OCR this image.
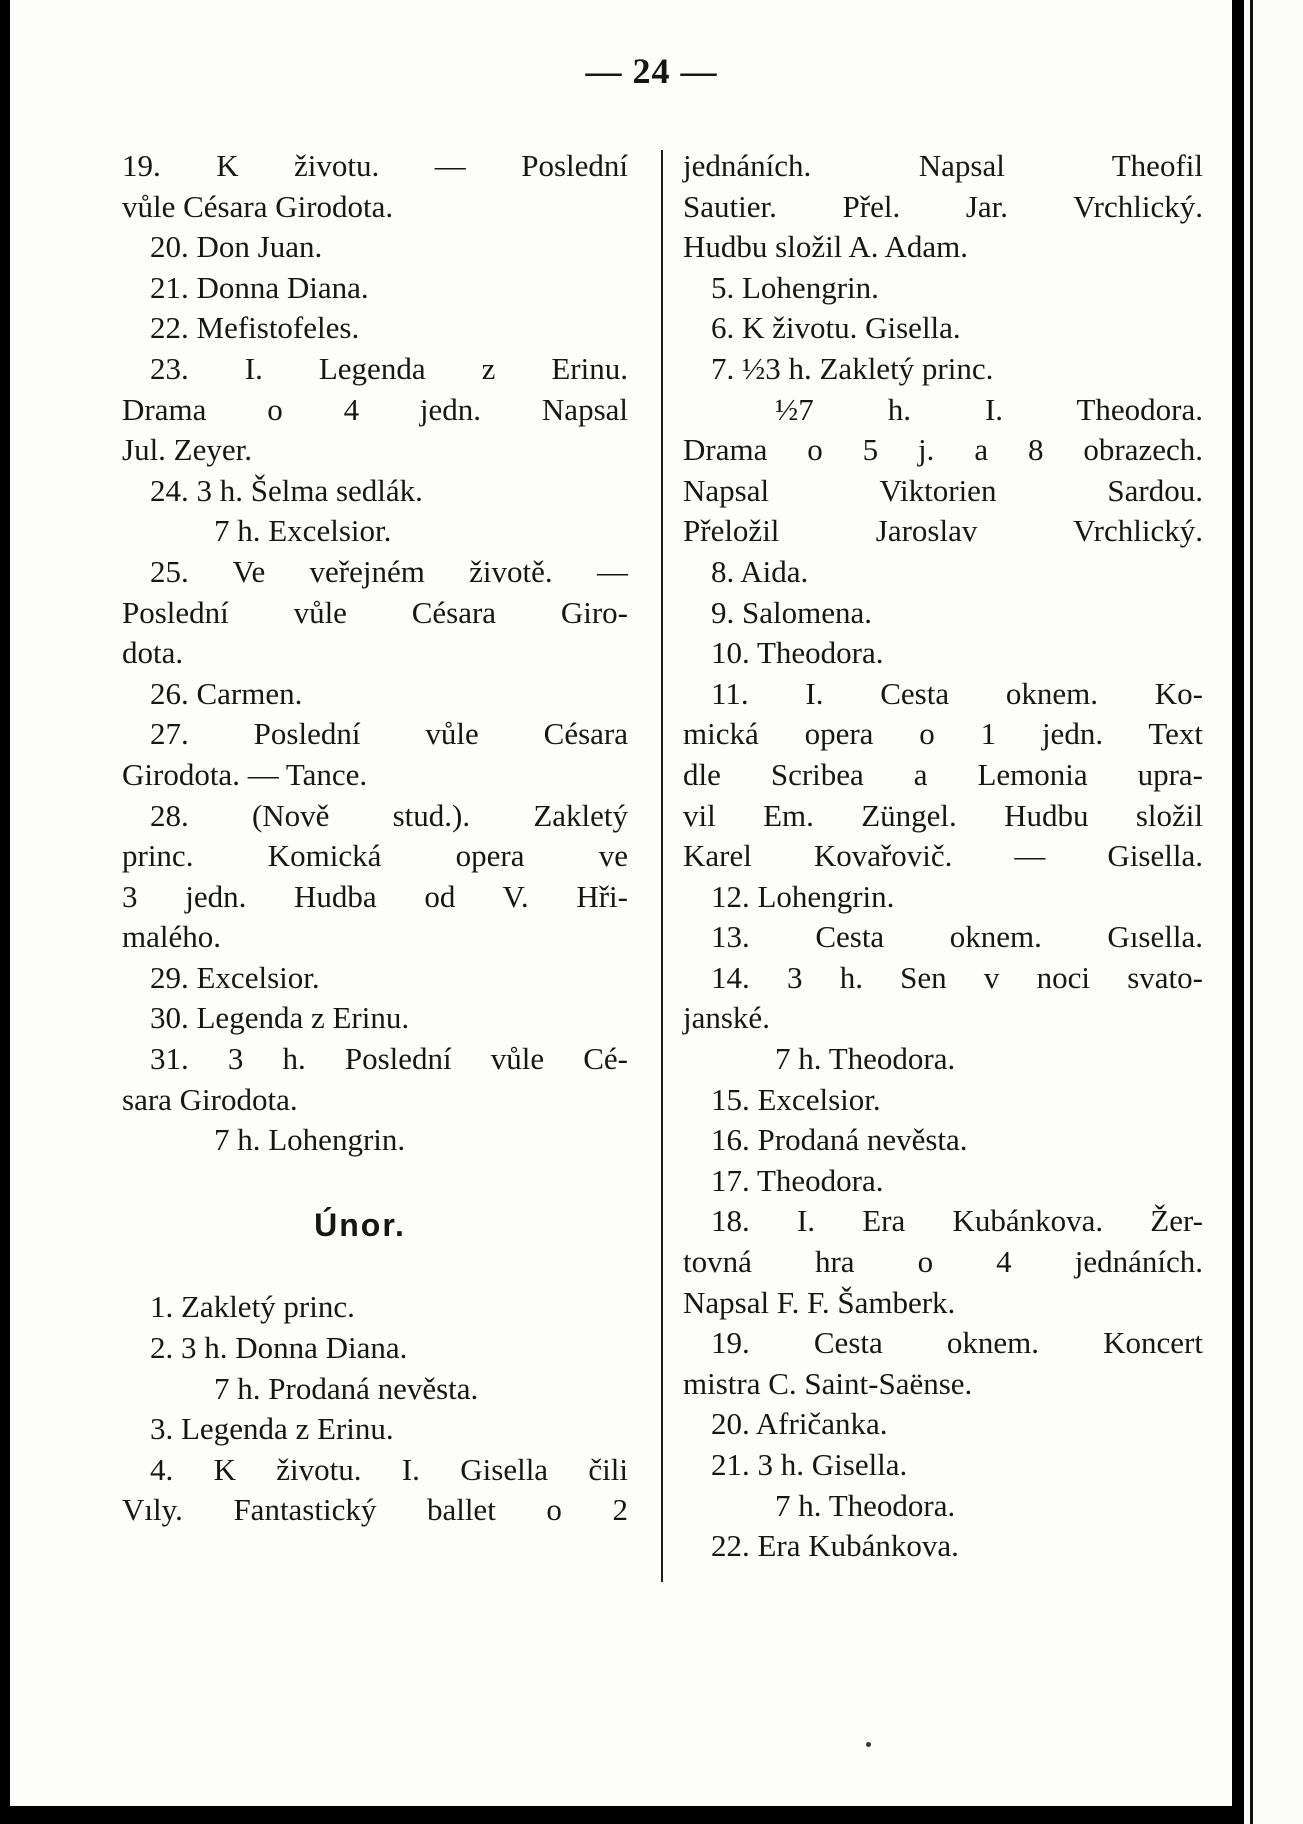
— 24 —
19. K životu. — Poslední
vůle Césara Girodota.
20. Don Juan.
21. Donna Diana.
22. Mefistofeles.
23. I. Legenda z Erinu.
Drama o 4 jedn. Napsal
Jul. Zeyer.
24. 3 h. Šelma sedlák.
7 h. Excelsior.
25. Ve veřejném životě. —
Poslední vůle Césara Giro-
dota.
26. Carmen.
27. Poslední vůle Césara
Girodota. — Tance.
28. (Nově stud.). Zakletý
princ. Komická opera ve
3 jedn. Hudba od V. Hři-
malého.
29. Excelsior.
30. Legenda z Erinu.
31. 3 h. Poslední vůle Cé-
sara Girodota.
7 h. Lohengrin.
Únor.
1. Zakletý princ.
2. 3 h. Donna Diana.
7 h. Prodaná nevěsta.
3. Legenda z Erinu.
4. K životu. I. Gisella čili
Vıly. Fantastický ballet o 2
jednáních. Napsal Theofil
Sautier. Přel. Jar. Vrchlický.
Hudbu složil A. Adam.
5. Lohengrin.
6. K životu. Gisella.
7. ½3 h. Zakletý princ.
½7 h. I. Theodora.
Drama o 5 j. a 8 obrazech.
Napsal Viktorien Sardou.
Přeložil Jaroslav Vrchlický.
8. Aida.
9. Salomena.
10. Theodora.
11. I. Cesta oknem. Ko-
mická opera o 1 jedn. Text
dle Scribea a Lemonia upra-
vil Em. Züngel. Hudbu složil
Karel Kovařovič. — Gisella.
12. Lohengrin.
13. Cesta oknem. Gısella.
14. 3 h. Sen v noci svato-
janské.
7 h. Theodora.
15. Excelsior.
16. Prodaná nevěsta.
17. Theodora.
18. I. Era Kubánkova. Žer-
tovná hra o 4 jednáních.
Napsal F. F. Šamberk.
19. Cesta oknem. Koncert
mistra C. Saint-Saënse.
20. Afričanka.
21. 3 h. Gisella.
7 h. Theodora.
22. Era Kubánkova.
